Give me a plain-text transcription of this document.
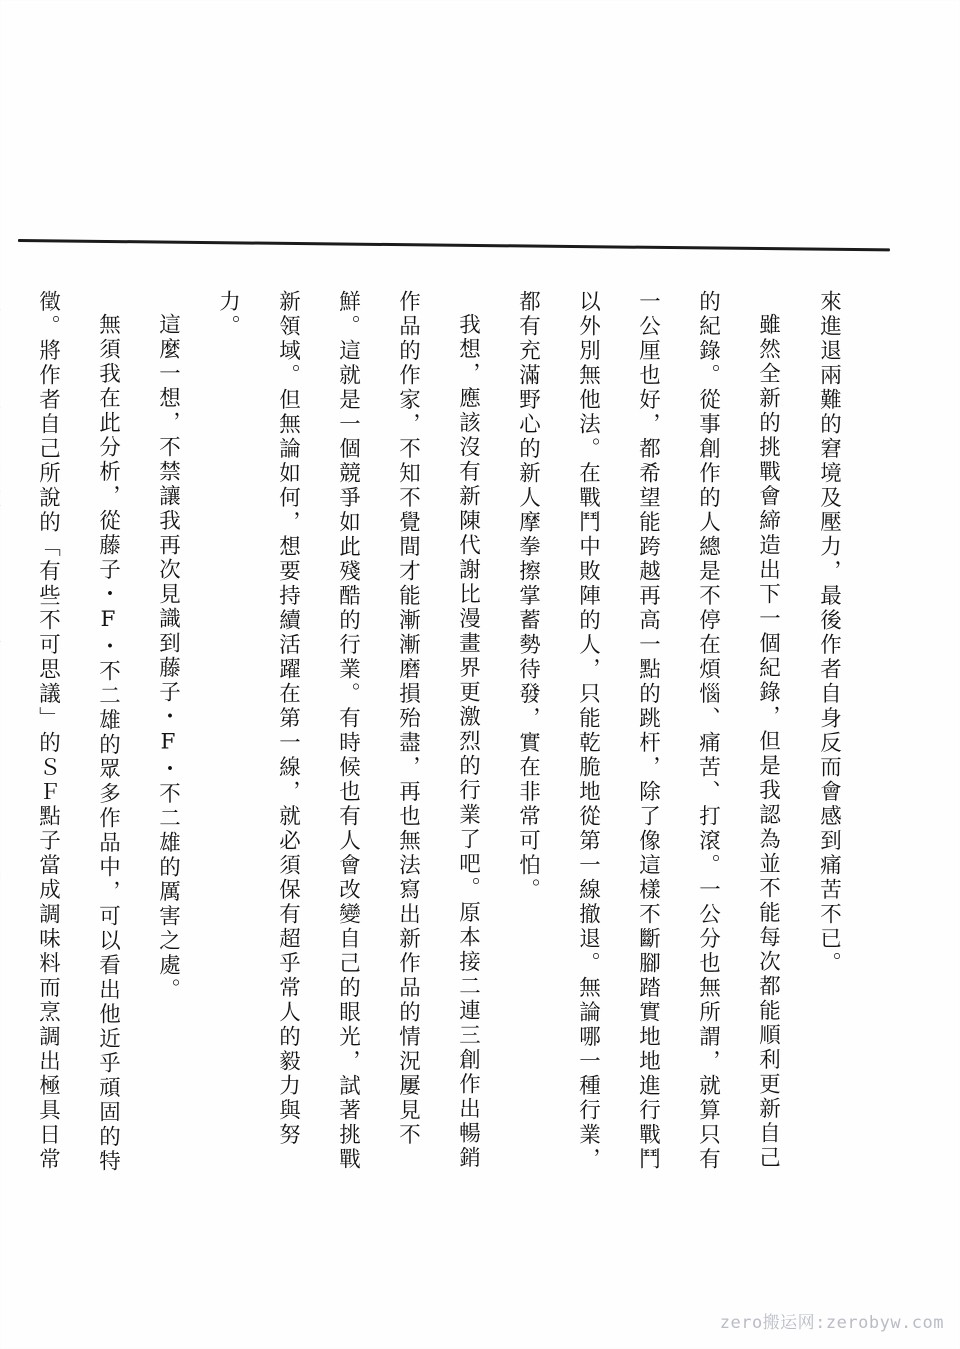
來進退兩難的窘境及壓力，最後作者自身反而會感到痛苦不已。
雖然全新的挑戰會締造出下一個紀錄，但是我認為並不能每次都能順利更新自己
的紀錄。從事創作的人總是不停在煩惱、痛苦、打滾。一公分也無所謂，就算只有
一公厘也好，都希望能跨越再高一點的跳杆，除了像這樣不斷腳踏實地地進行戰鬥
以外別無他法。在戰鬥中敗陣的人，只能乾脆地從第一線撤退。無論哪一種行業，
都有充滿野心的新人摩拳擦掌蓄勢待發，實在非常可怕。
我想，應該沒有新陳代謝比漫畫界更激烈的行業了吧。原本接二連三創作出暢銷
作品的作家，不知不覺間才能漸漸磨損殆盡，再也無法寫出新作品的情況屢見不
鮮。這就是一個競爭如此殘酷的行業。有時候也有人會改變自己的眼光，試著挑戰
新領域。但無論如何，想要持續活躍在第一線，就必須保有超乎常人的毅力與努
力。
這麼一想，不禁讓我再次見識到藤子・F・不二雄的厲害之處。
無須我在此分析，從藤子・F・不二雄的眾多作品中，可以看出他近乎頑固的特
徵。將作者自己所說的「有些不可思議」的ＳＦ點子當成調味料而烹調出極具日常
zero搬运网:zerobyw.com
